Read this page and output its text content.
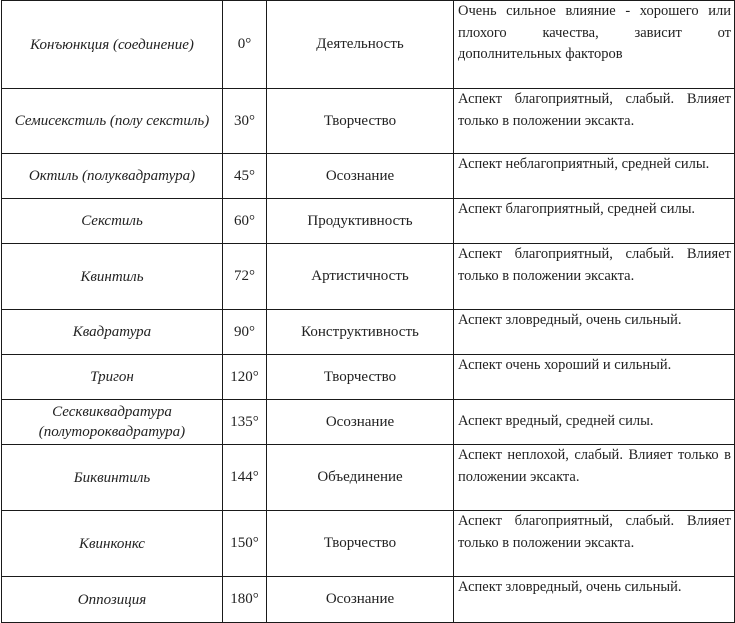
Конъюнкция (соединение)	0°	Деятельность	Очень сильное влияние - хорошего или плохого качества, зависит от дополнительных факторов
Семисекстиль (полу секстиль)	30°	Творчество	Аспект благоприятный, слабый. Влияет только в положении эксакта.
Октиль (полуквадратура)	45°	Осознание	Аспект неблагоприятный, средней силы.
Секстиль	60°	Продуктивность	Аспект благоприятный, средней силы.
Квинтиль	72°	Артистичность	Аспект благоприятный, слабый. Влияет только в положении эксакта.
Квадратура	90°	Конструктивность	Аспект зловредный, очень сильный.
Тригон	120°	Творчество	Аспект очень хороший и сильный.
Сесквиквадратура (полутороквадратура)	135°	Осознание	Аспект вредный, средней силы.
Биквинтиль	144°	Объединение	Аспект неплохой, слабый. Влияет только в положении эксакта.
Квинконкс	150°	Творчество	Аспект благоприятный, слабый. Влияет только в положении эксакта.
Оппозиция	180°	Осознание	Аспект зловредный, очень сильный.
